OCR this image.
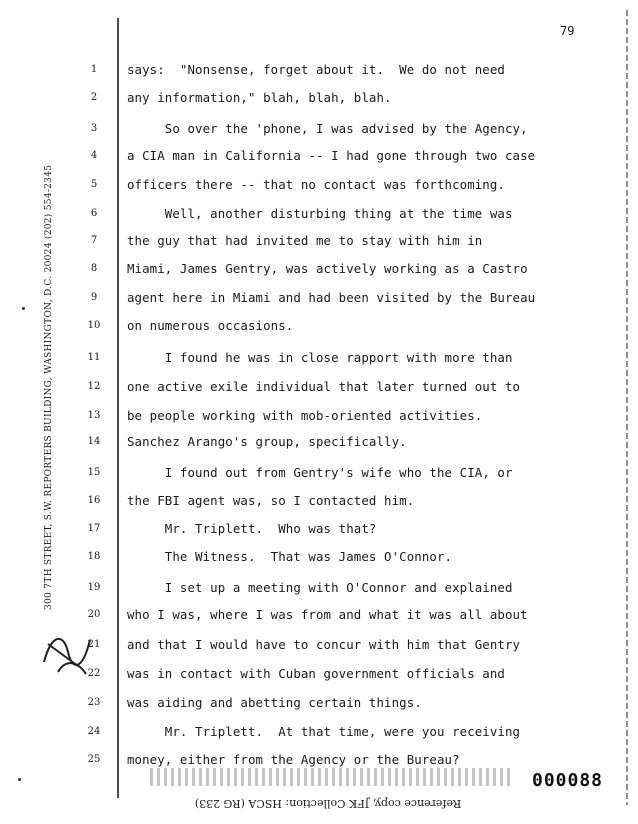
79
300 7TH STREET, S.W. REPORTERS BUILDING, WASHINGTON, D.C. 20024 (202) 554-2345
1
2
3
4
5
6
7
8
9
10
11
12
13
14
15
16
17
18
19
20
21
22
23
24
25
says:  "Nonsense, forget about it.  We do not need
any information," blah, blah, blah.
So over the 'phone, I was advised by the Agency,
a CIA man in California -- I had gone through two case
officers there -- that no contact was forthcoming.
Well, another disturbing thing at the time was
the guy that had invited me to stay with him in
Miami, James Gentry, was actively working as a Castro
agent here in Miami and had been visited by the Bureau
on numerous occasions.
I found he was in close rapport with more than
one active exile individual that later turned out to
be people working with mob-oriented activities.
Sanchez Arango's group, specifically.
I found out from Gentry's wife who the CIA, or
the FBI agent was, so I contacted him.
Mr. Triplett.  Who was that?
The Witness.  That was James O'Connor.
I set up a meeting with O'Connor and explained
who I was, where I was from and what it was all about
and that I would have to concur with him that Gentry
was in contact with Cuban government officials and
was aiding and abetting certain things.
Mr. Triplett.  At that time, were you receiving
money, either from the Agency or the Bureau?
000088
Reference copy, JFK Collection: HSCA (RG 233)
